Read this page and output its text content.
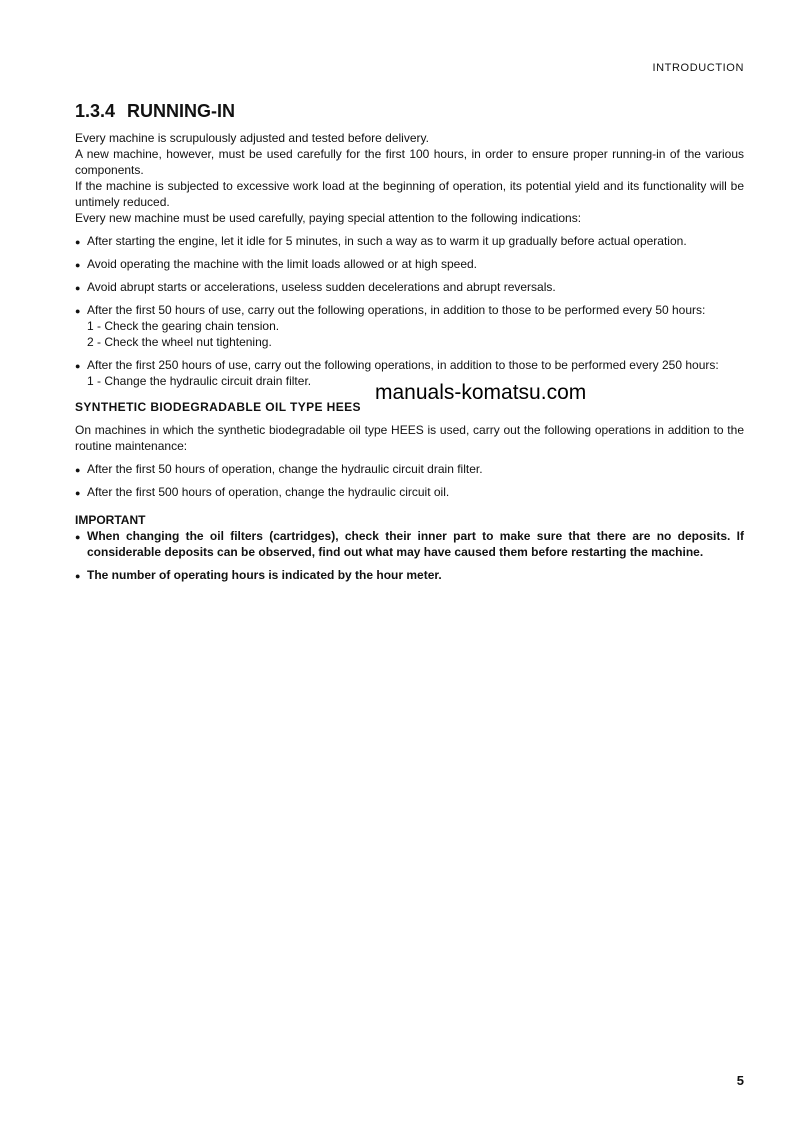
INTRODUCTION
1.3.4 RUNNING-IN

Every machine is scrupulously adjusted and tested before delivery.

A new machine, however, must be used carefully for the first 100 hours, in order to ensure proper running-in of the various components.

If the machine is subjected to excessive work load at the beginning of operation, its potential yield and its functionality will be untimely reduced.

Every new machine must be used carefully, paying special attention to the following indications:

● After starting the engine, let it idle for 5 minutes, in such a way as to warm it up gradually before actual operation.
● Avoid operating the machine with the limit loads allowed or at high speed.
● Avoid abrupt starts or accelerations, useless sudden decelerations and abrupt reversals.
● After the first 50 hours of use, carry out the following operations, in addition to those to be performed every 50 hours:
1 - Check the gearing chain tension.
2 - Check the wheel nut tightening.
● After the first 250 hours of use, carry out the following operations, in addition to those to be performed every 250 hours:
1 - Change the hydraulic circuit drain filter.
SYNTHETIC BIODEGRADABLE OIL TYPE HEES

On machines in which the synthetic biodegradable oil type HEES is used, carry out the following operations in addition to the routine maintenance:

● After the first 50 hours of operation, change the hydraulic circuit drain filter.
● After the first 500 hours of operation, change the hydraulic circuit oil.
IMPORTANT
● When changing the oil filters (cartridges), check their inner part to make sure that there are no deposits. If considerable deposits can be observed, find out what may have caused them before restarting the machine.
● The number of operating hours is indicated by the hour meter.
manuals-komatsu.com
5
